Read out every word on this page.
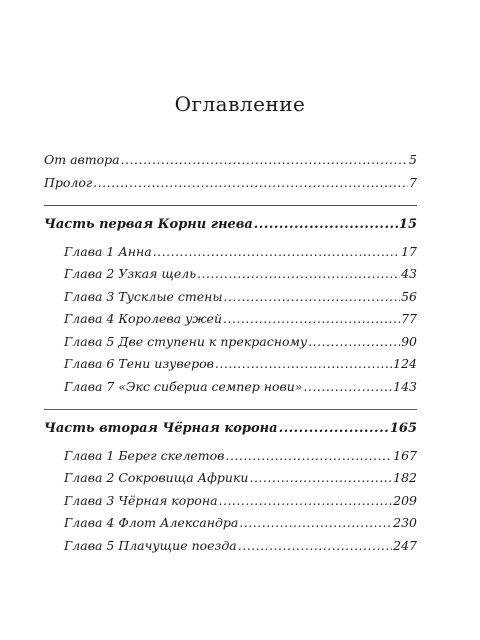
Оглавление
От автора .....	5
Пролог .....	7
Часть первая Корни гнева .....	15
Глава 1 Анна .....	17
Глава 2 Узкая щель .....	43
Глава 3 Тусклые стены .....	56
Глава 4 Королева ужей .....	77
Глава 5 Две ступени к прекрасному .....	90
Глава 6 Тени изуверов .....	124
Глава 7 «Экс сибериа семпер нови» .....	143
Часть вторая Чёрная корона .....	165
Глава 1 Берег скелетов .....	167
Глава 2 Сокровища Африки .....	182
Глава 3 Чёрная корона .....	209
Глава 4 Флот Александра .....	230
Глава 5 Плачущие поезда .....	247
